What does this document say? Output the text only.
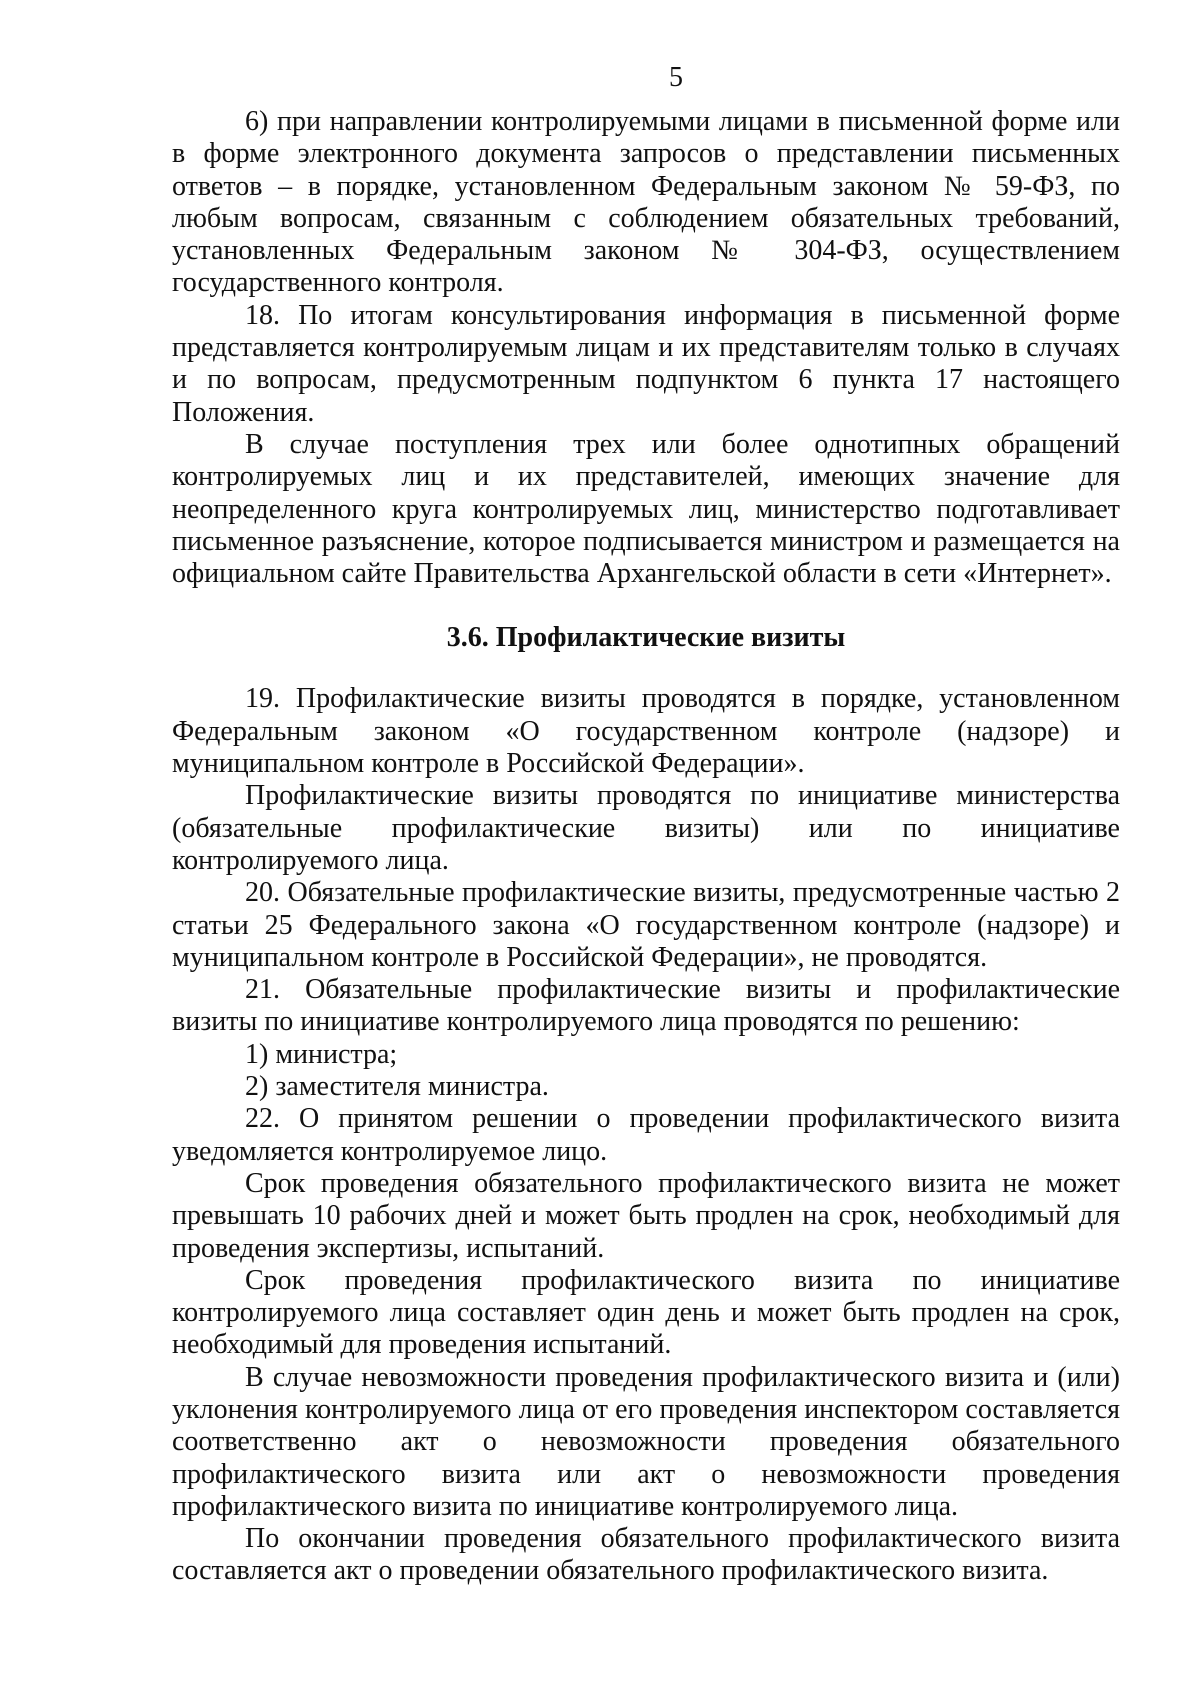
5

6) при направлении контролируемыми лицами в письменной форме или в форме электронного документа запросов о представлении письменных ответов – в порядке, установленном Федеральным законом № 59-ФЗ, по любым вопросам, связанным с соблюдением обязательных требований, установленных Федеральным законом № 304-ФЗ, осуществлением государственного контроля.

18. По итогам консультирования информация в письменной форме представляется контролируемым лицам и их представителям только в случаях и по вопросам, предусмотренным подпунктом 6 пункта 17 настоящего Положения.

В случае поступления трех или более однотипных обращений контролируемых лиц и их представителей, имеющих значение для неопределенного круга контролируемых лиц, министерство подготавливает письменное разъяснение, которое подписывается министром и размещается на официальном сайте Правительства Архангельской области в сети «Интернет».

3.6. Профилактические визиты

19. Профилактические визиты проводятся в порядке, установленном Федеральным законом «О государственном контроле (надзоре) и муниципальном контроле в Российской Федерации».

Профилактические визиты проводятся по инициативе министерства (обязательные профилактические визиты) или по инициативе контролируемого лица.

20. Обязательные профилактические визиты, предусмотренные частью 2 статьи 25 Федерального закона «О государственном контроле (надзоре) и муниципальном контроле в Российской Федерации», не проводятся.

21. Обязательные профилактические визиты и профилактические визиты по инициативе контролируемого лица проводятся по решению:

1) министра;

2) заместителя министра.

22. О принятом решении о проведении профилактического визита уведомляется контролируемое лицо.

Срок проведения обязательного профилактического визита не может превышать 10 рабочих дней и может быть продлен на срок, необходимый для проведения экспертизы, испытаний.

Срок проведения профилактического визита по инициативе контролируемого лица составляет один день и может быть продлен на срок, необходимый для проведения испытаний.

В случае невозможности проведения профилактического визита и (или) уклонения контролируемого лица от его проведения инспектором составляется соответственно акт о невозможности проведения обязательного профилактического визита или акт о невозможности проведения профилактического визита по инициативе контролируемого лица.

По окончании проведения обязательного профилактического визита составляется акт о проведении обязательного профилактического визита.
